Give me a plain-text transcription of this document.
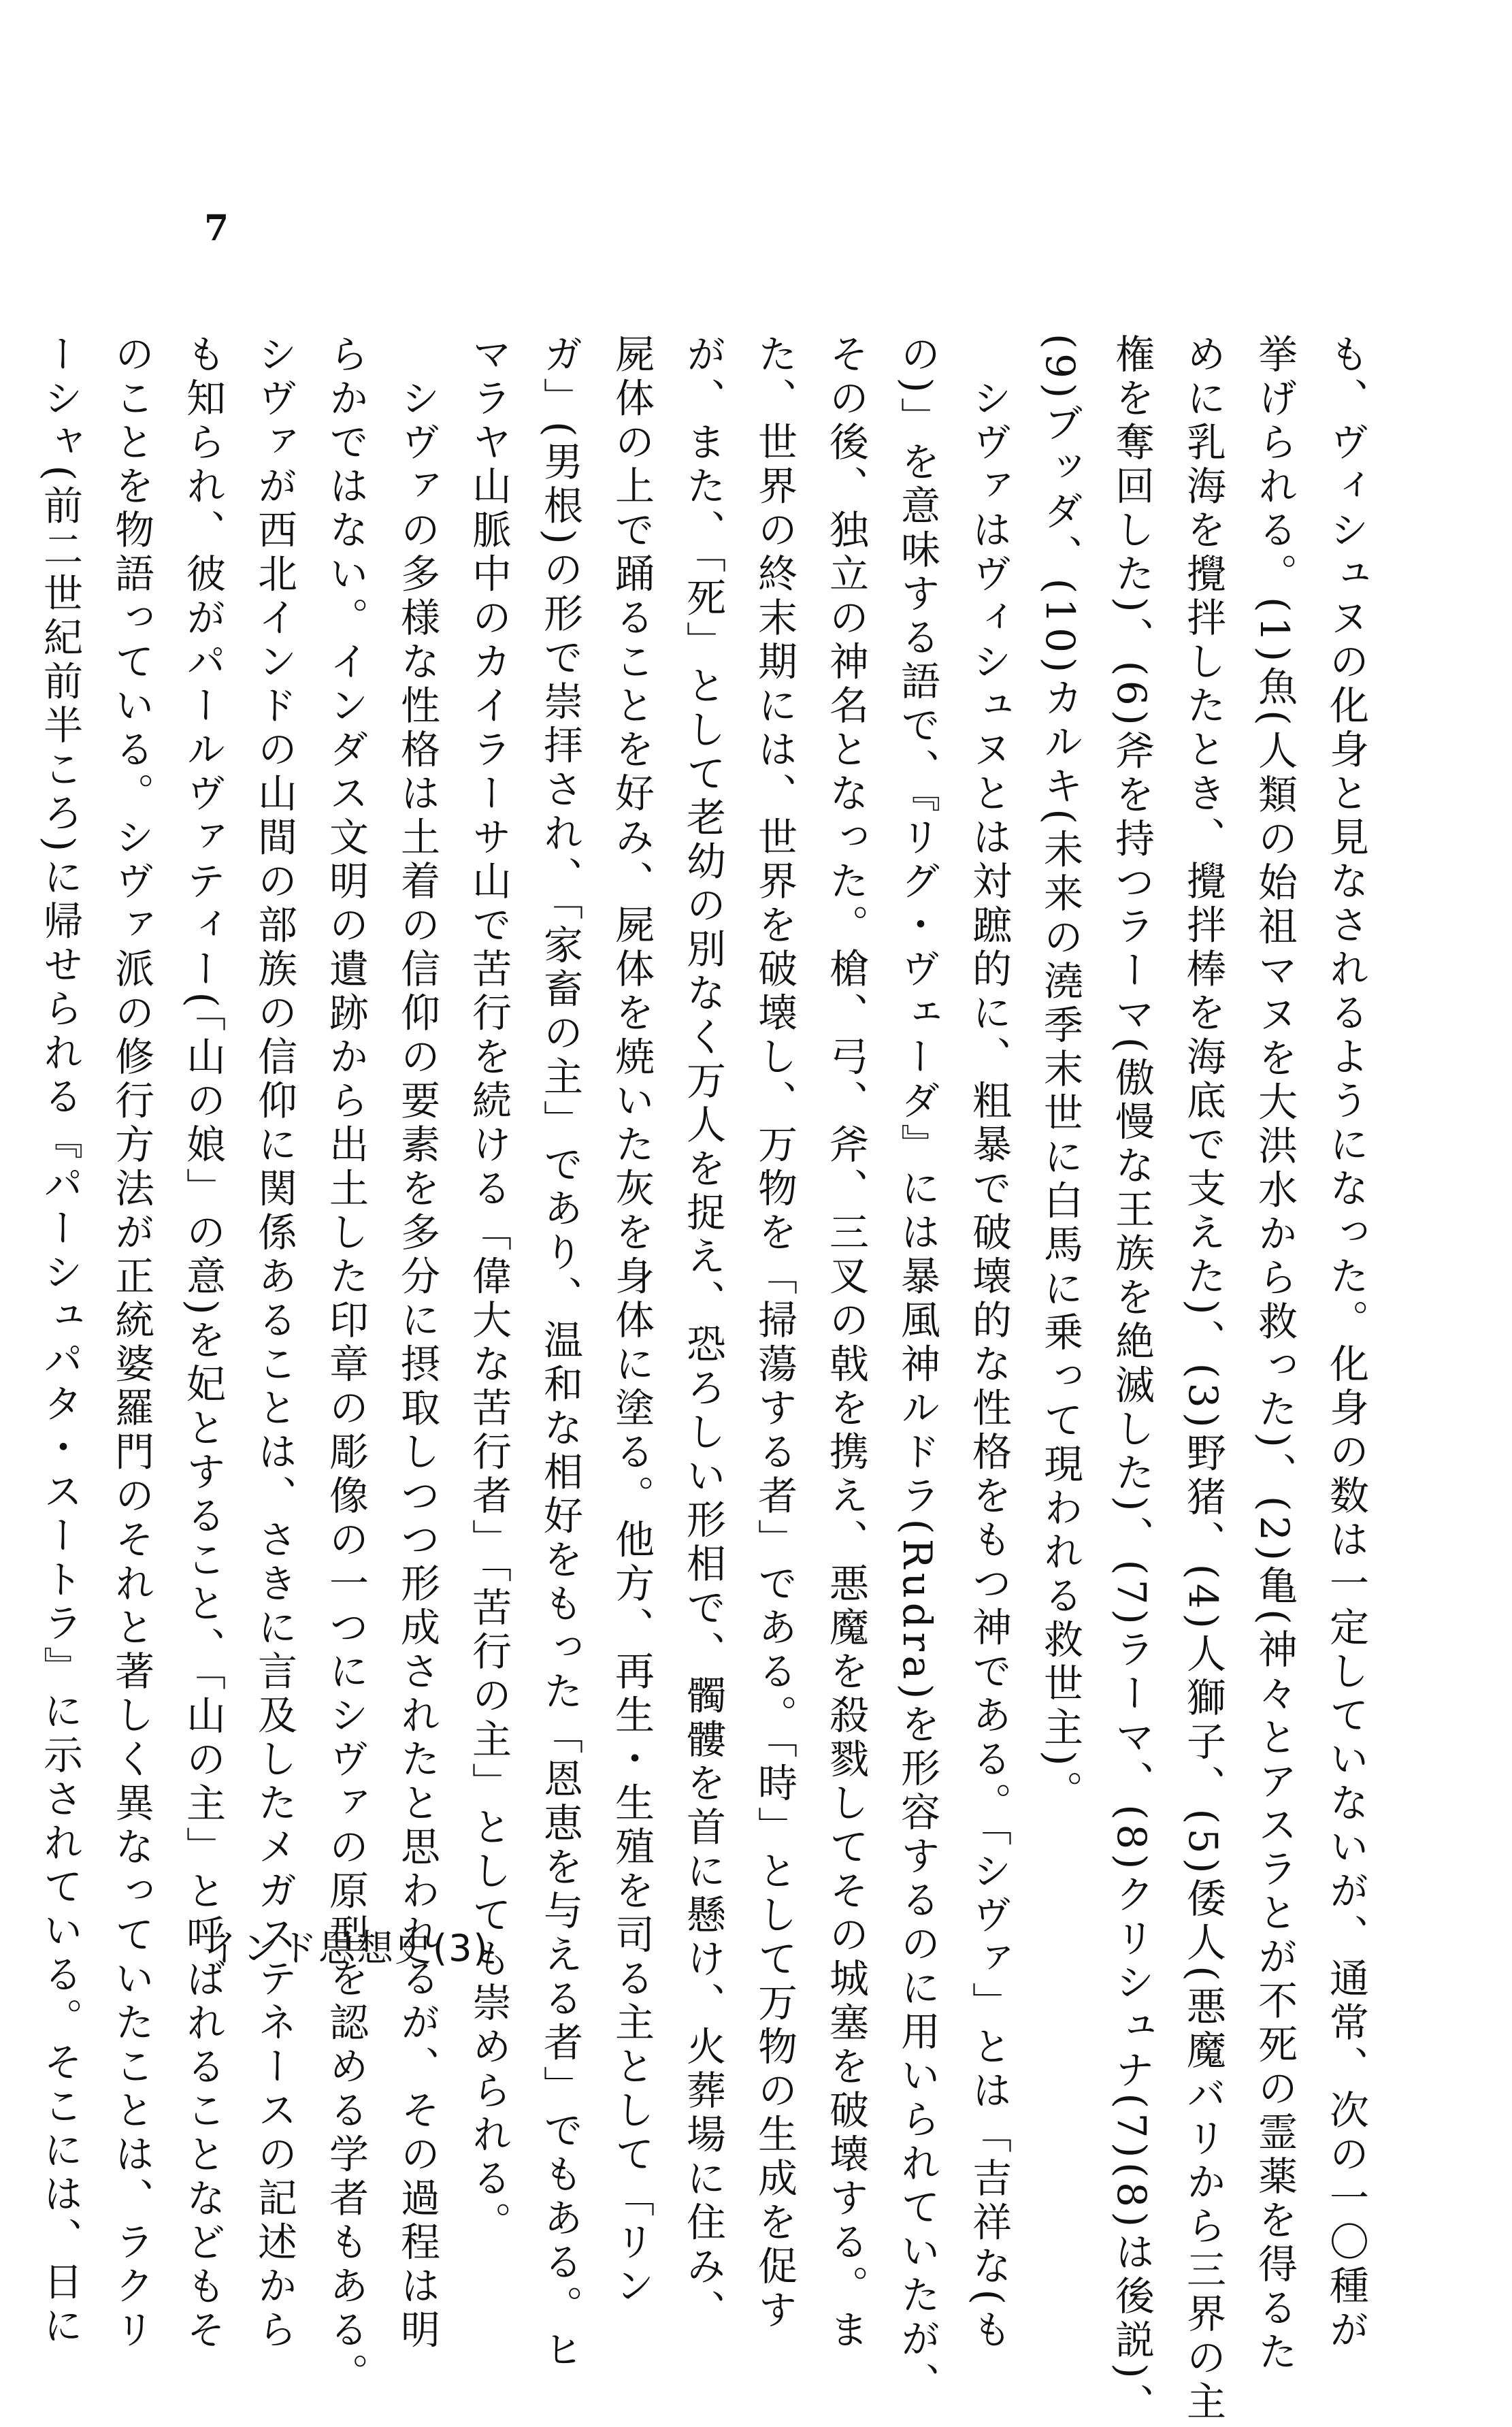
7
も、ヴィシュヌの化身と見なされるようになった。化身の数は一定していないが、通常、次の一〇種が
挙げられる。(1)魚(人類の始祖マヌを大洪水から救った)、(2)亀(神々とアスラとが不死の霊薬を得るた
めに乳海を攪拌したとき、攪拌棒を海底で支えた)、(3)野猪、(4)人獅子、(5)倭人(悪魔バリから三界の主
権を奪回した)、(6)斧を持つラーマ(傲慢な王族を絶滅した)、(7)ラーマ、(8)クリシュナ(7)(8)は後説)、
(9)ブッダ、(10)カルキ(未来の澆季末世に白馬に乗って現われる救世主)。
　シヴァはヴィシュヌとは対蹠的に、粗暴で破壊的な性格をもつ神である。「シヴァ」とは「吉祥な(も
の)」を意味する語で、『リグ・ヴェーダ』には暴風神ルドラ(Rudra)を形容するのに用いられていたが、
その後、独立の神名となった。槍、弓、斧、三叉の戟を携え、悪魔を殺戮してその城塞を破壊する。ま
た、世界の終末期には、世界を破壊し、万物を「掃蕩する者」である。「時」として万物の生成を促す
が、また、「死」として老幼の別なく万人を捉え、恐ろしい形相で、髑髏を首に懸け、火葬場に住み、
屍体の上で踊ることを好み、屍体を焼いた灰を身体に塗る。他方、再生・生殖を司る主として「リン
ガ」(男根)の形で崇拝され、「家畜の主」であり、温和な相好をもった「恩恵を与える者」でもある。ヒ
マラヤ山脈中のカイラーサ山で苦行を続ける「偉大な苦行者」「苦行の主」としても崇められる。
　シヴァの多様な性格は土着の信仰の要素を多分に摂取しつつ形成されたと思われるが、その過程は明
らかではない。インダス文明の遺跡から出土した印章の彫像の一つにシヴァの原型を認める学者もある。
シヴァが西北インドの山間の部族の信仰に関係あることは、さきに言及したメガステネースの記述から
も知られ、彼がパールヴァティー(「山の娘」の意)を妃とすること、「山の主」と呼ばれることなどもそ
のことを物語っている。シヴァ派の修行方法が正統婆羅門のそれと著しく異なっていたことは、ラクリ
ーシャ(前二世紀前半ころ)に帰せられる『パーシュパタ・スートラ』に示されている。そこには、日に	インド思想史(3)
